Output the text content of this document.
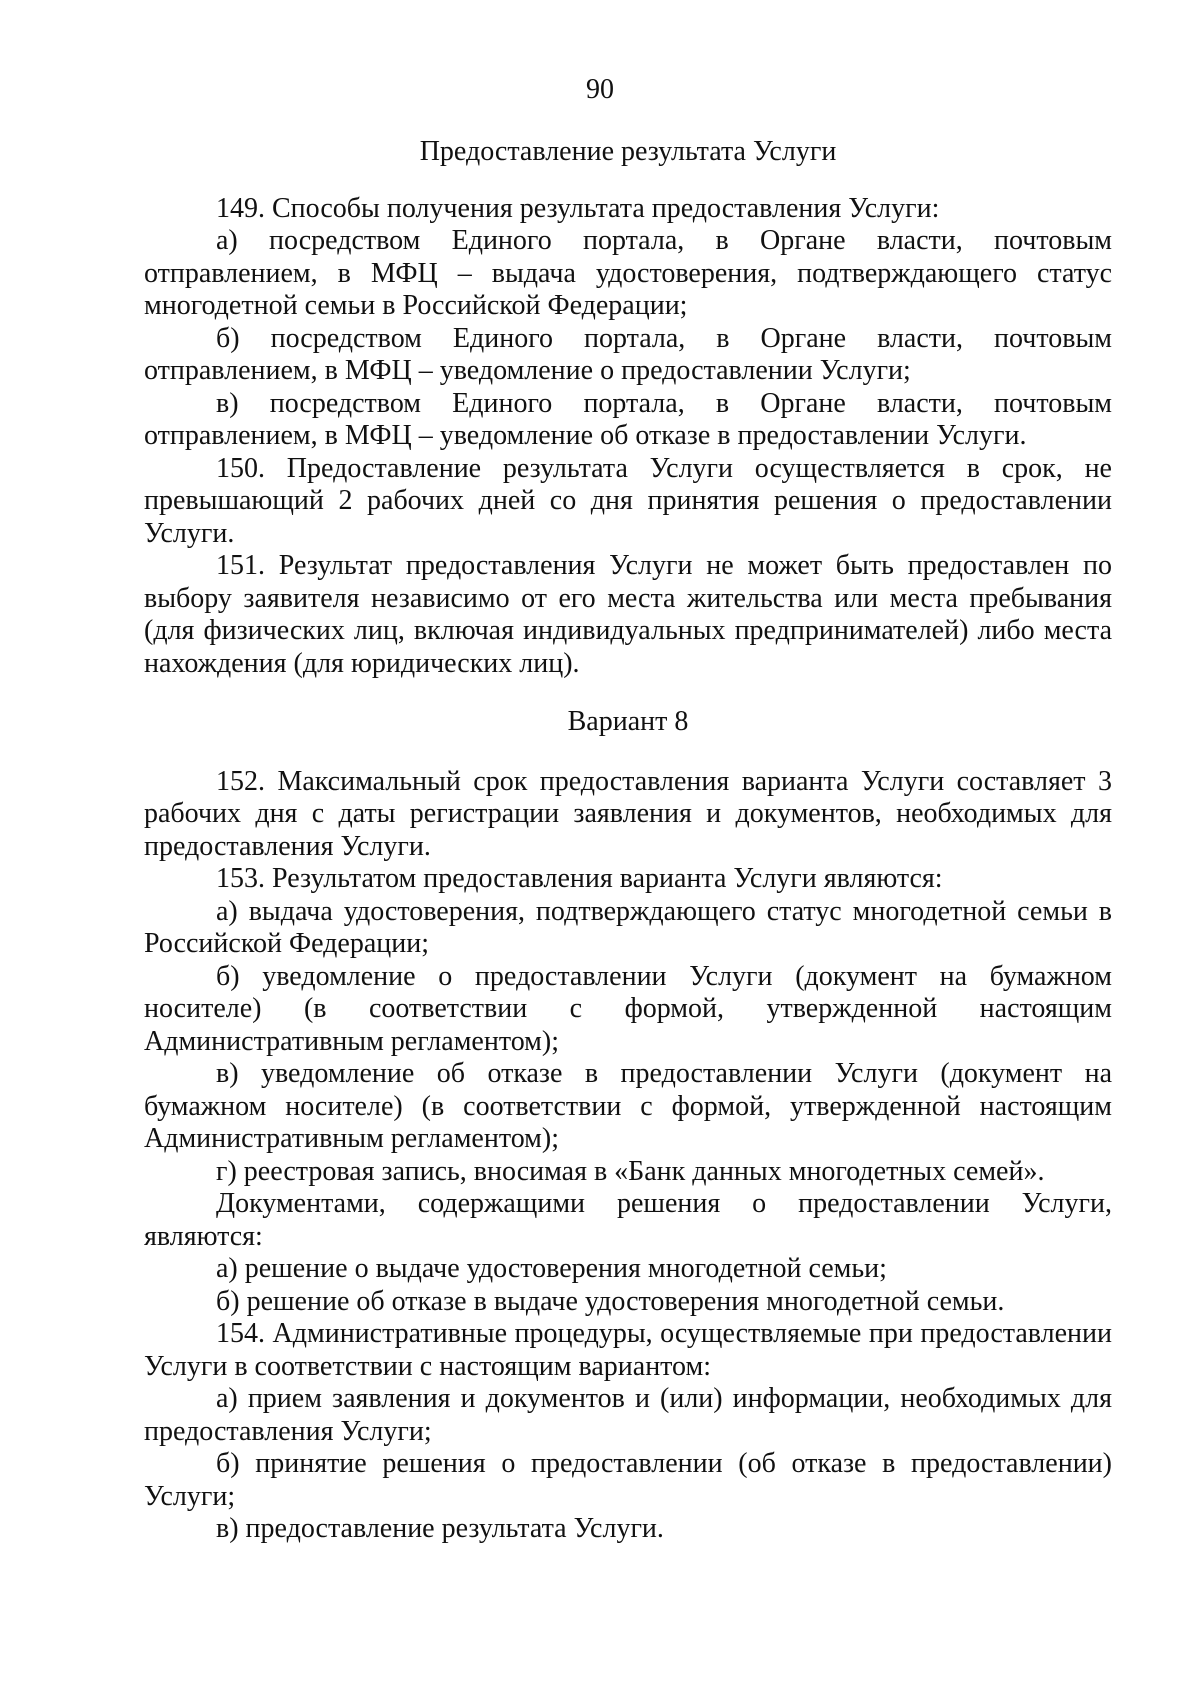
90

Предоставление результата Услуги

149. Способы получения результата предоставления Услуги:

а) посредством Единого портала, в Органе власти, почтовым отправлением, в МФЦ – выдача удостоверения, подтверждающего статус многодетной семьи в Российской Федерации;

б) посредством Единого портала, в Органе власти, почтовым отправлением, в МФЦ – уведомление о предоставлении Услуги;

в) посредством Единого портала, в Органе власти, почтовым отправлением, в МФЦ – уведомление об отказе в предоставлении Услуги.

150. Предоставление результата Услуги осуществляется в срок, не превышающий 2 рабочих дней со дня принятия решения о предоставлении Услуги.

151. Результат предоставления Услуги не может быть предоставлен по выбору заявителя независимо от его места жительства или места пребывания (для физических лиц, включая индивидуальных предпринимателей) либо места нахождения (для юридических лиц).

Вариант 8

152. Максимальный срок предоставления варианта Услуги составляет 3 рабочих дня с даты регистрации заявления и документов, необходимых для предоставления Услуги.

153. Результатом предоставления варианта Услуги являются:

а) выдача удостоверения, подтверждающего статус многодетной семьи в Российской Федерации;

б) уведомление о предоставлении Услуги (документ на бумажном носителе) (в соответствии с формой, утвержденной настоящим Административным регламентом);

в) уведомление об отказе в предоставлении Услуги (документ на бумажном носителе) (в соответствии с формой, утвержденной настоящим Административным регламентом);

г) реестровая запись, вносимая в «Банк данных многодетных семей».

Документами, содержащими решения о предоставлении Услуги, являются:

а) решение о выдаче удостоверения многодетной семьи;

б) решение об отказе в выдаче удостоверения многодетной семьи.

154. Административные процедуры, осуществляемые при предоставлении Услуги в соответствии с настоящим вариантом:

а) прием заявления и документов и (или) информации, необходимых для предоставления Услуги;

б) принятие решения о предоставлении (об отказе в предоставлении) Услуги;

в) предоставление результата Услуги.
